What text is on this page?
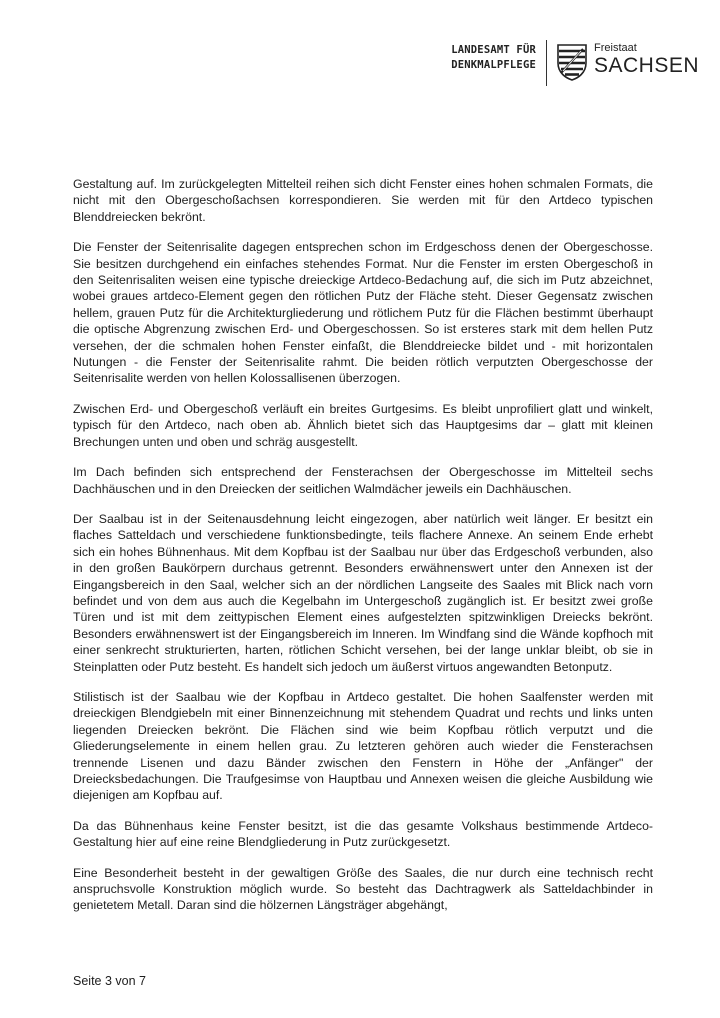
LANDESAMT FÜR
DENKMALPFLEGE
Freistaat
SACHSEN

Gestaltung auf. Im zurückgelegten Mittelteil reihen sich dicht Fenster eines hohen schmalen Formats, die nicht mit den Obergeschoßachsen korrespondieren. Sie werden mit für den Artdeco typischen Blenddreiecken bekrönt.

Die Fenster der Seitenrisalite dagegen entsprechen schon im Erdgeschoss denen der Obergeschosse. Sie besitzen durchgehend ein einfaches stehendes Format. Nur die Fenster im ersten Obergeschoß in den Seitenrisaliten weisen eine typische dreieckige Artdeco-Bedachung auf, die sich im Putz abzeichnet, wobei graues artdeco-Element gegen den rötlichen Putz der Fläche steht. Dieser Gegensatz zwischen hellem, grauen Putz für die Architekturgliederung und rötlichem Putz für die Flächen bestimmt überhaupt die optische Abgrenzung zwischen Erd- und Obergeschossen. So ist ersteres stark mit dem hellen Putz versehen, der die schmalen hohen Fenster einfaßt, die Blenddreiecke bildet und - mit horizontalen Nutungen - die Fenster der Seitenrisalite rahmt. Die beiden rötlich verputzten Obergeschosse der Seitenrisalite werden von hellen Kolossallisenen überzogen.

Zwischen Erd- und Obergeschoß verläuft ein breites Gurtgesims. Es bleibt unprofiliert glatt und winkelt, typisch für den Artdeco, nach oben ab. Ähnlich bietet sich das Hauptgesims dar – glatt mit kleinen Brechungen unten und oben und schräg ausgestellt.

Im Dach befinden sich entsprechend der Fensterachsen der Obergeschosse im Mittelteil sechs Dachhäuschen und in den Dreiecken der seitlichen Walmdächer jeweils ein Dachhäuschen.

Der Saalbau ist in der Seitenausdehnung leicht eingezogen, aber natürlich weit länger. Er besitzt ein flaches Satteldach und verschiedene funktionsbedingte, teils flachere Annexe. An seinem Ende erhebt sich ein hohes Bühnenhaus. Mit dem Kopfbau ist der Saalbau nur über das Erdgeschoß verbunden, also in den großen Baukörpern durchaus getrennt. Besonders erwähnenswert unter den Annexen ist der Eingangsbereich in den Saal, welcher sich an der nördlichen Langseite des Saales mit Blick nach vorn befindet und von dem aus auch die Kegelbahn im Untergeschoß zugänglich ist. Er besitzt zwei große Türen und ist mit dem zeittypischen Element eines aufgestelzten spitzwinkligen Dreiecks bekrönt. Besonders erwähnenswert ist der Eingangsbereich im Inneren. Im Windfang sind die Wände kopfhoch mit einer senkrecht strukturierten, harten, rötlichen Schicht versehen, bei der lange unklar bleibt, ob sie in Steinplatten oder Putz besteht. Es handelt sich jedoch um äußerst virtuos angewandten Betonputz.

Stilistisch ist der Saalbau wie der Kopfbau in Artdeco gestaltet. Die hohen Saalfenster werden mit dreieckigen Blendgiebeln mit einer Binnenzeichnung mit stehendem Quadrat und rechts und links unten liegenden Dreiecken bekrönt. Die Flächen sind wie beim Kopfbau rötlich verputzt und die Gliederungselemente in einem hellen grau. Zu letzteren gehören auch wieder die Fensterachsen trennende Lisenen und dazu Bänder zwischen den Fenstern in Höhe der „Anfänger" der Dreiecksbedachungen. Die Traufgesimse von Hauptbau und Annexen weisen die gleiche Ausbildung wie diejenigen am Kopfbau auf.

Da das Bühnenhaus keine Fenster besitzt, ist die das gesamte Volkshaus bestimmende Artdeco-Gestaltung hier auf eine reine Blendgliederung in Putz zurückgesetzt.

Eine Besonderheit besteht in der gewaltigen Größe des Saales, die nur durch eine technisch recht anspruchsvolle Konstruktion möglich wurde. So besteht das Dachtragwerk als Satteldachbinder in genietetem Metall. Daran sind die hölzernen Längsträger abgehängt,

Seite 3 von 7
